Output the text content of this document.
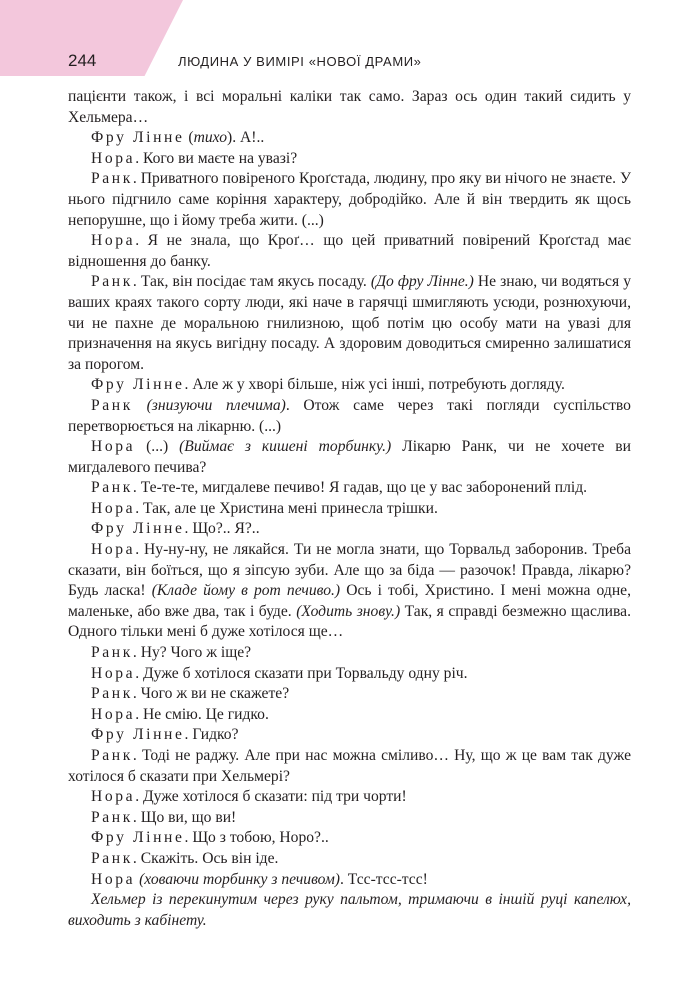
244	ЛЮДИНА У ВИМІРІ «НОВОЇ ДРАМИ»

пацієнти також, і всі моральні каліки так само. Зараз ось один такий сидить у Хельмера…

Фру Лінне (тихо). А!..

Нора. Кого ви маєте на увазі?

Ранк. Приватного повіреного Кроґстада, людину, про яку ви нічого не знаєте. У нього підгнило саме коріння характеру, добродійко. Але й він твердить як щось непорушне, що і йому треба жити. (...)

Нора. Я не знала, що Кроґ… що цей приватний повірений Кроґстад має відношення до банку.

Ранк. Так, він посідає там якусь посаду. (До фру Лінне.) Не знаю, чи водяться у ваших краях такого сорту люди, які наче в гарячці шмигляють усюди, рознюхуючи, чи не пахне де моральною гнилизною, щоб потім цю особу мати на увазі для призначення на якусь вигідну посаду. А здоровим доводиться смиренно залишатися за порогом.

Фру Лінне. Але ж у хворі більше, ніж усі інші, потребують догляду.

Ранк (знизуючи плечима). Отож саме через такі погляди суспільство перетворюється на лікарню. (...)

Нора (...) (Виймає з кишені торбинку.) Лікарю Ранк, чи не хочете ви мигдалевого печива?

Ранк. Те-те-те, мигдалеве печиво! Я гадав, що це у вас заборонений плід.

Нора. Так, але це Христина мені принесла трішки.

Фру Лінне. Що?.. Я?..

Нора. Ну-ну-ну, не лякайся. Ти не могла знати, що Торвальд заборонив. Треба сказати, він боїться, що я зіпсую зуби. Але що за біда — разочок! Правда, лікарю? Будь ласка! (Кладе йому в рот печиво.) Ось і тобі, Христино. І мені можна одне, маленьке, або вже два, так і буде. (Ходить знову.) Так, я справді безмежно щаслива. Одного тільки мені б дуже хотілося ще…

Ранк. Ну? Чого ж іще?

Нора. Дуже б хотілося сказати при Торвальду одну річ.

Ранк. Чого ж ви не скажете?

Нора. Не смію. Це гидко.

Фру Лінне. Гидко?

Ранк. Тоді не раджу. Але при нас можна сміливо… Ну, що ж це вам так дуже хотілося б сказати при Хельмері?

Нора. Дуже хотілося б сказати: під три чорти!

Ранк. Що ви, що ви!

Фру Лінне. Що з тобою, Норо?..

Ранк. Скажіть. Ось він іде.

Нора (ховаючи торбинку з печивом). Тсс-тсс-тсс!

Хельмер із перекинутим через руку пальтом, тримаючи в іншій руці капелюх, виходить з кабінету.
